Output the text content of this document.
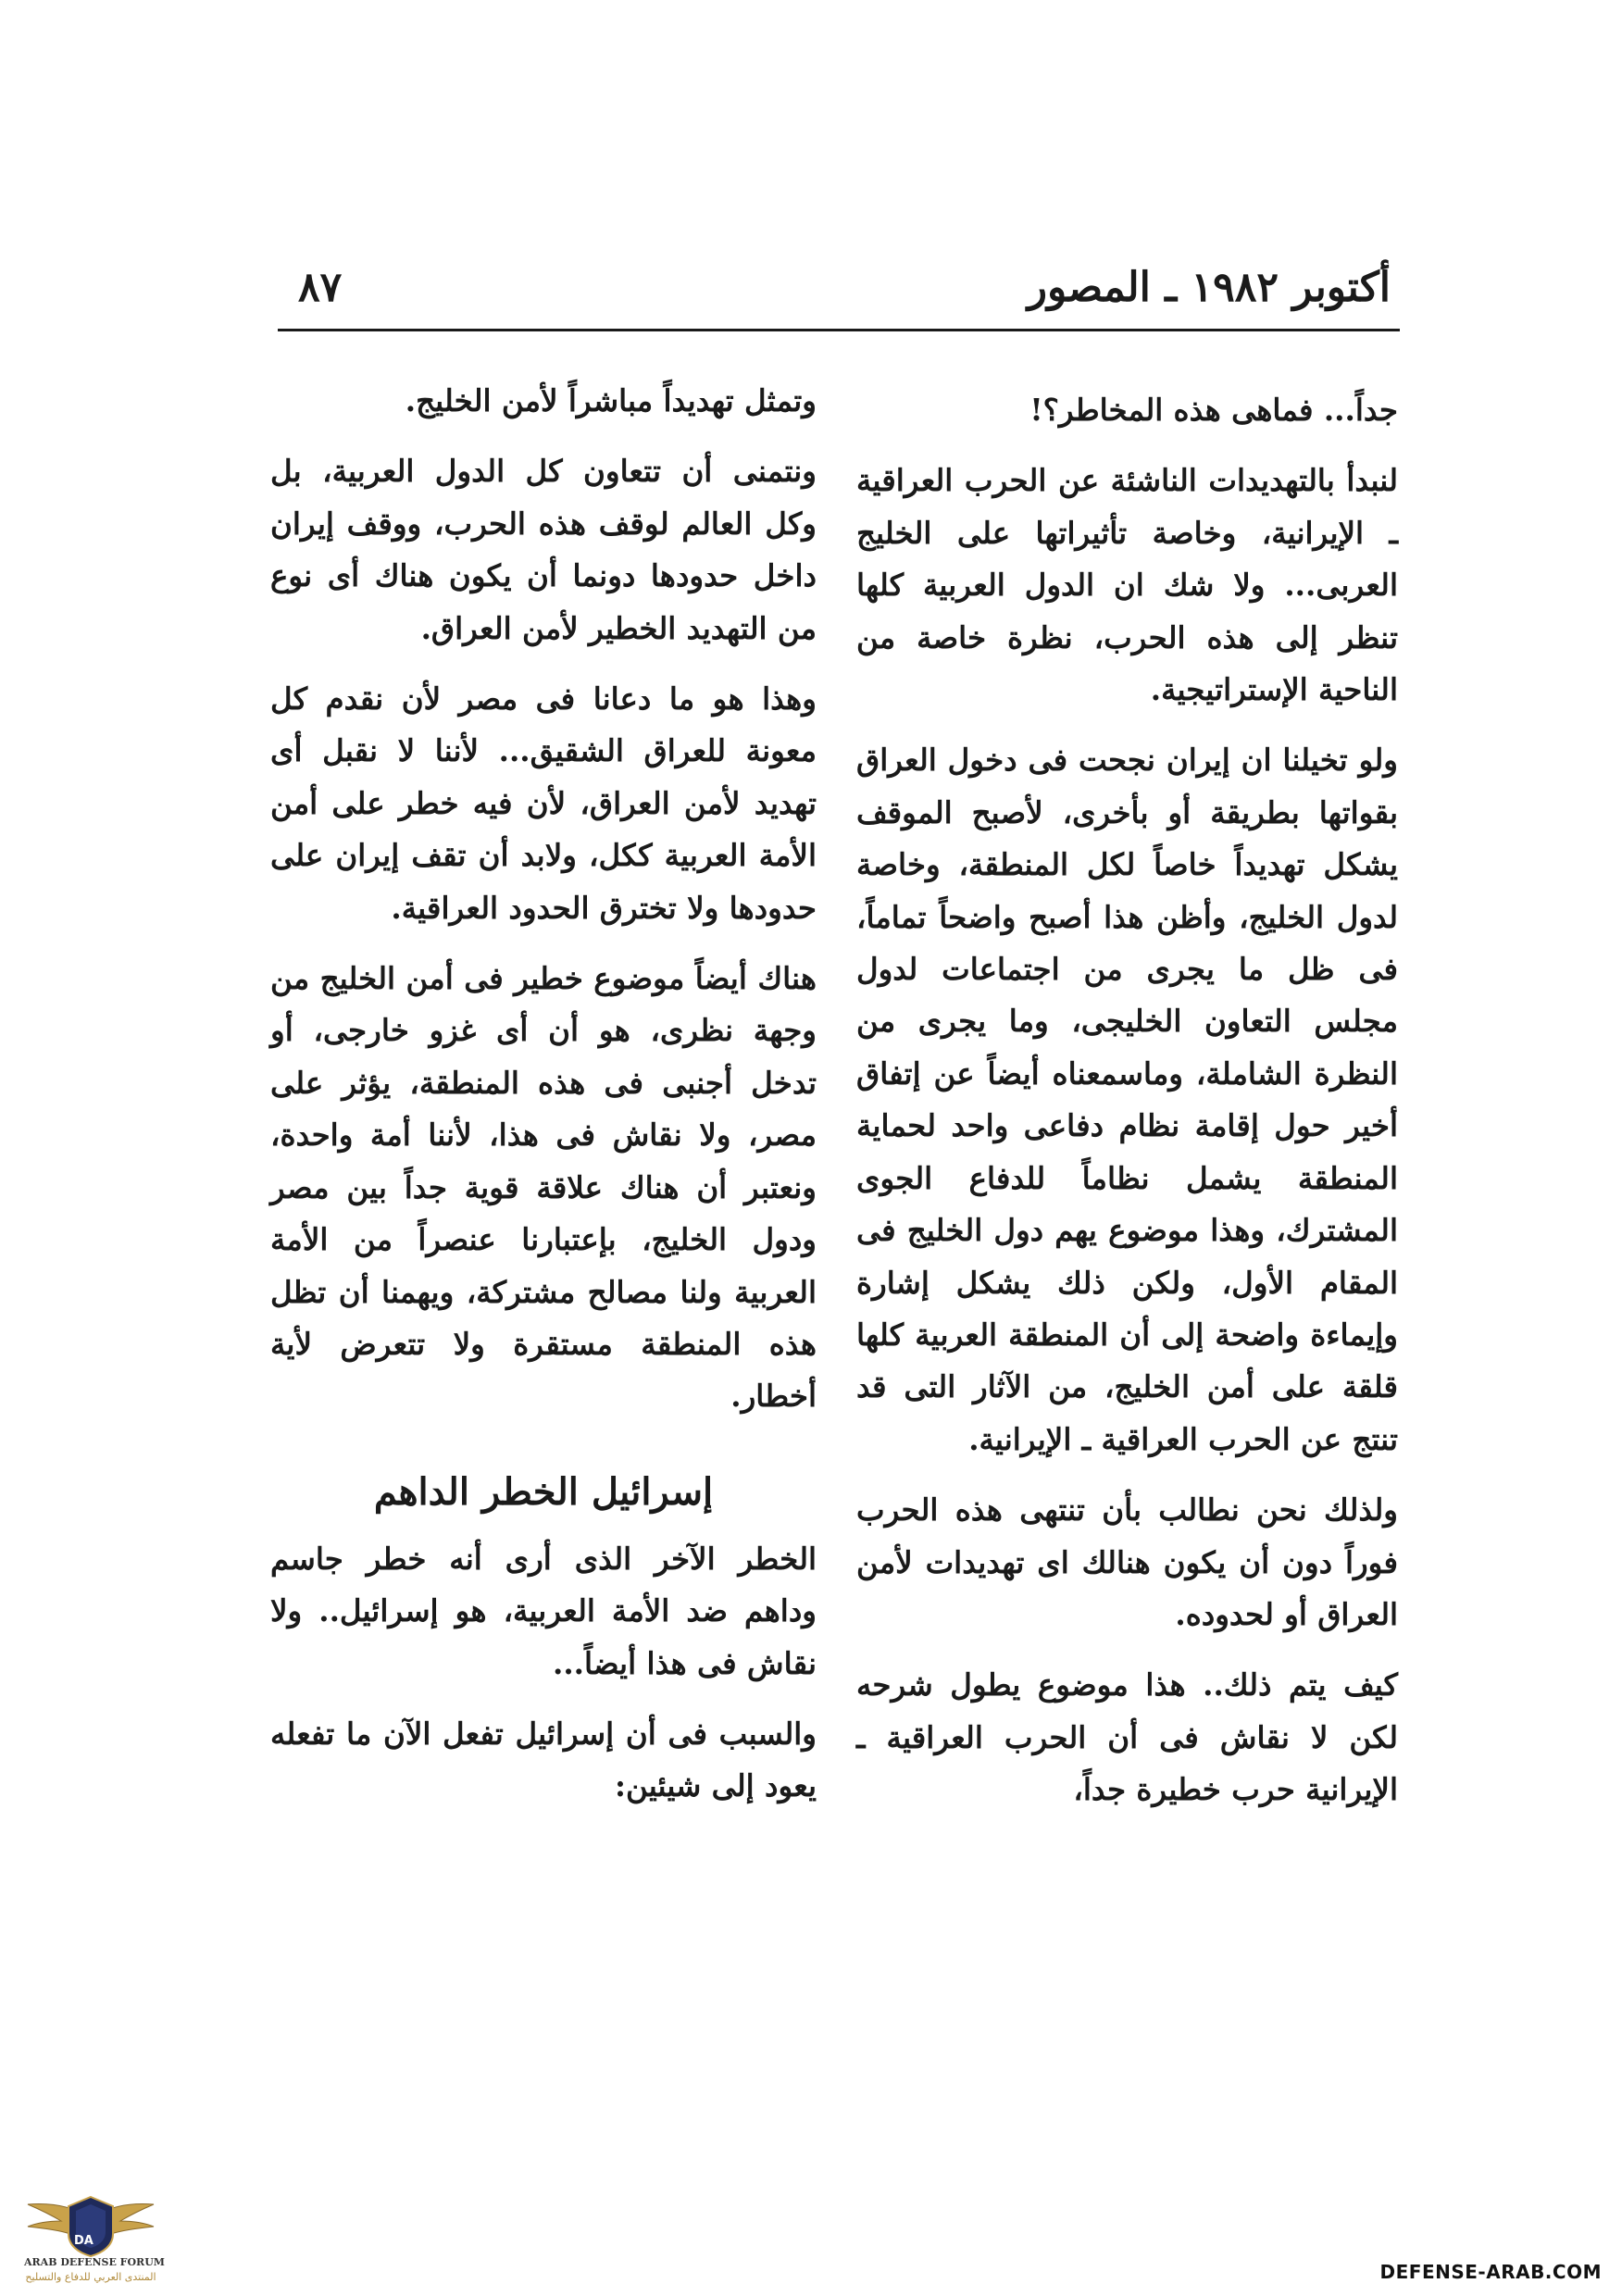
أكتوبر ١٩٨٢ ـ المصور
٨٧

جداً... فماهى هذه المخاطر؟!

لنبدأ بالتهديدات الناشئة عن الحرب العراقية ـ الإيرانية، وخاصة تأثيراتها على الخليج العربى... ولا شك ان الدول العربية كلها تنظر إلى هذه الحرب، نظرة خاصة من الناحية الإستراتيجية.

ولو تخيلنا ان إيران نجحت فى دخول العراق بقواتها بطريقة أو بأخرى، لأصبح الموقف يشكل تهديداً خاصاً لكل المنطقة، وخاصة لدول الخليج، وأظن هذا أصبح واضحاً تماماً، فى ظل ما يجرى من اجتماعات لدول مجلس التعاون الخليجى، وما يجرى من النظرة الشاملة، وماسمعناه أيضاً عن إتفاق أخير حول إقامة نظام دفاعى واحد لحماية المنطقة يشمل نظاماً للدفاع الجوى المشترك، وهذا موضوع يهم دول الخليج فى المقام الأول، ولكن ذلك يشكل إشارة وإيماءة واضحة إلى أن المنطقة العربية كلها قلقة على أمن الخليج، من الآثار التى قد تنتج عن الحرب العراقية ـ الإيرانية.

ولذلك نحن نطالب بأن تنتهى هذه الحرب فوراً دون أن يكون هنالك اى تهديدات لأمن العراق أو لحدوده.

كيف يتم ذلك.. هذا موضوع يطول شرحه لكن لا نقاش فى أن الحرب العراقية ـ الإيرانية حرب خطيرة جداً،

وتمثل تهديداً مباشراً لأمن الخليج.

ونتمنى أن تتعاون كل الدول العربية، بل وكل العالم لوقف هذه الحرب، ووقف إيران داخل حدودها دونما أن يكون هناك أى نوع من التهديد الخطير لأمن العراق.

وهذا هو ما دعانا فى مصر لأن نقدم كل معونة للعراق الشقيق... لأننا لا نقبل أى تهديد لأمن العراق، لأن فيه خطر على أمن الأمة العربية ككل، ولابد أن تقف إيران على حدودها ولا تخترق الحدود العراقية.

هناك أيضاً موضوع خطير فى أمن الخليج من وجهة نظرى، هو أن أى غزو خارجى، أو تدخل أجنبى فى هذه المنطقة، يؤثر على مصر، ولا نقاش فى هذا، لأننا أمة واحدة، ونعتبر أن هناك علاقة قوية جداً بين مصر ودول الخليج، بإعتبارنا عنصراً من الأمة العربية ولنا مصالح مشتركة، ويهمنا أن تظل هذه المنطقة مستقرة ولا تتعرض لأية أخطار.

إسرائيل الخطر الداهم

الخطر الآخر الذى أرى أنه خطر جاسم وداهم ضد الأمة العربية، هو إسرائيل.. ولا نقاش فى هذا أيضاً...

والسبب فى أن إسرائيل تفعل الآن ما تفعله يعود إلى شيئين:

DA
ARAB DEFENSE FORUM
المنتدى العربي للدفاع والتسليح	DEFENSE-ARAB.COM
